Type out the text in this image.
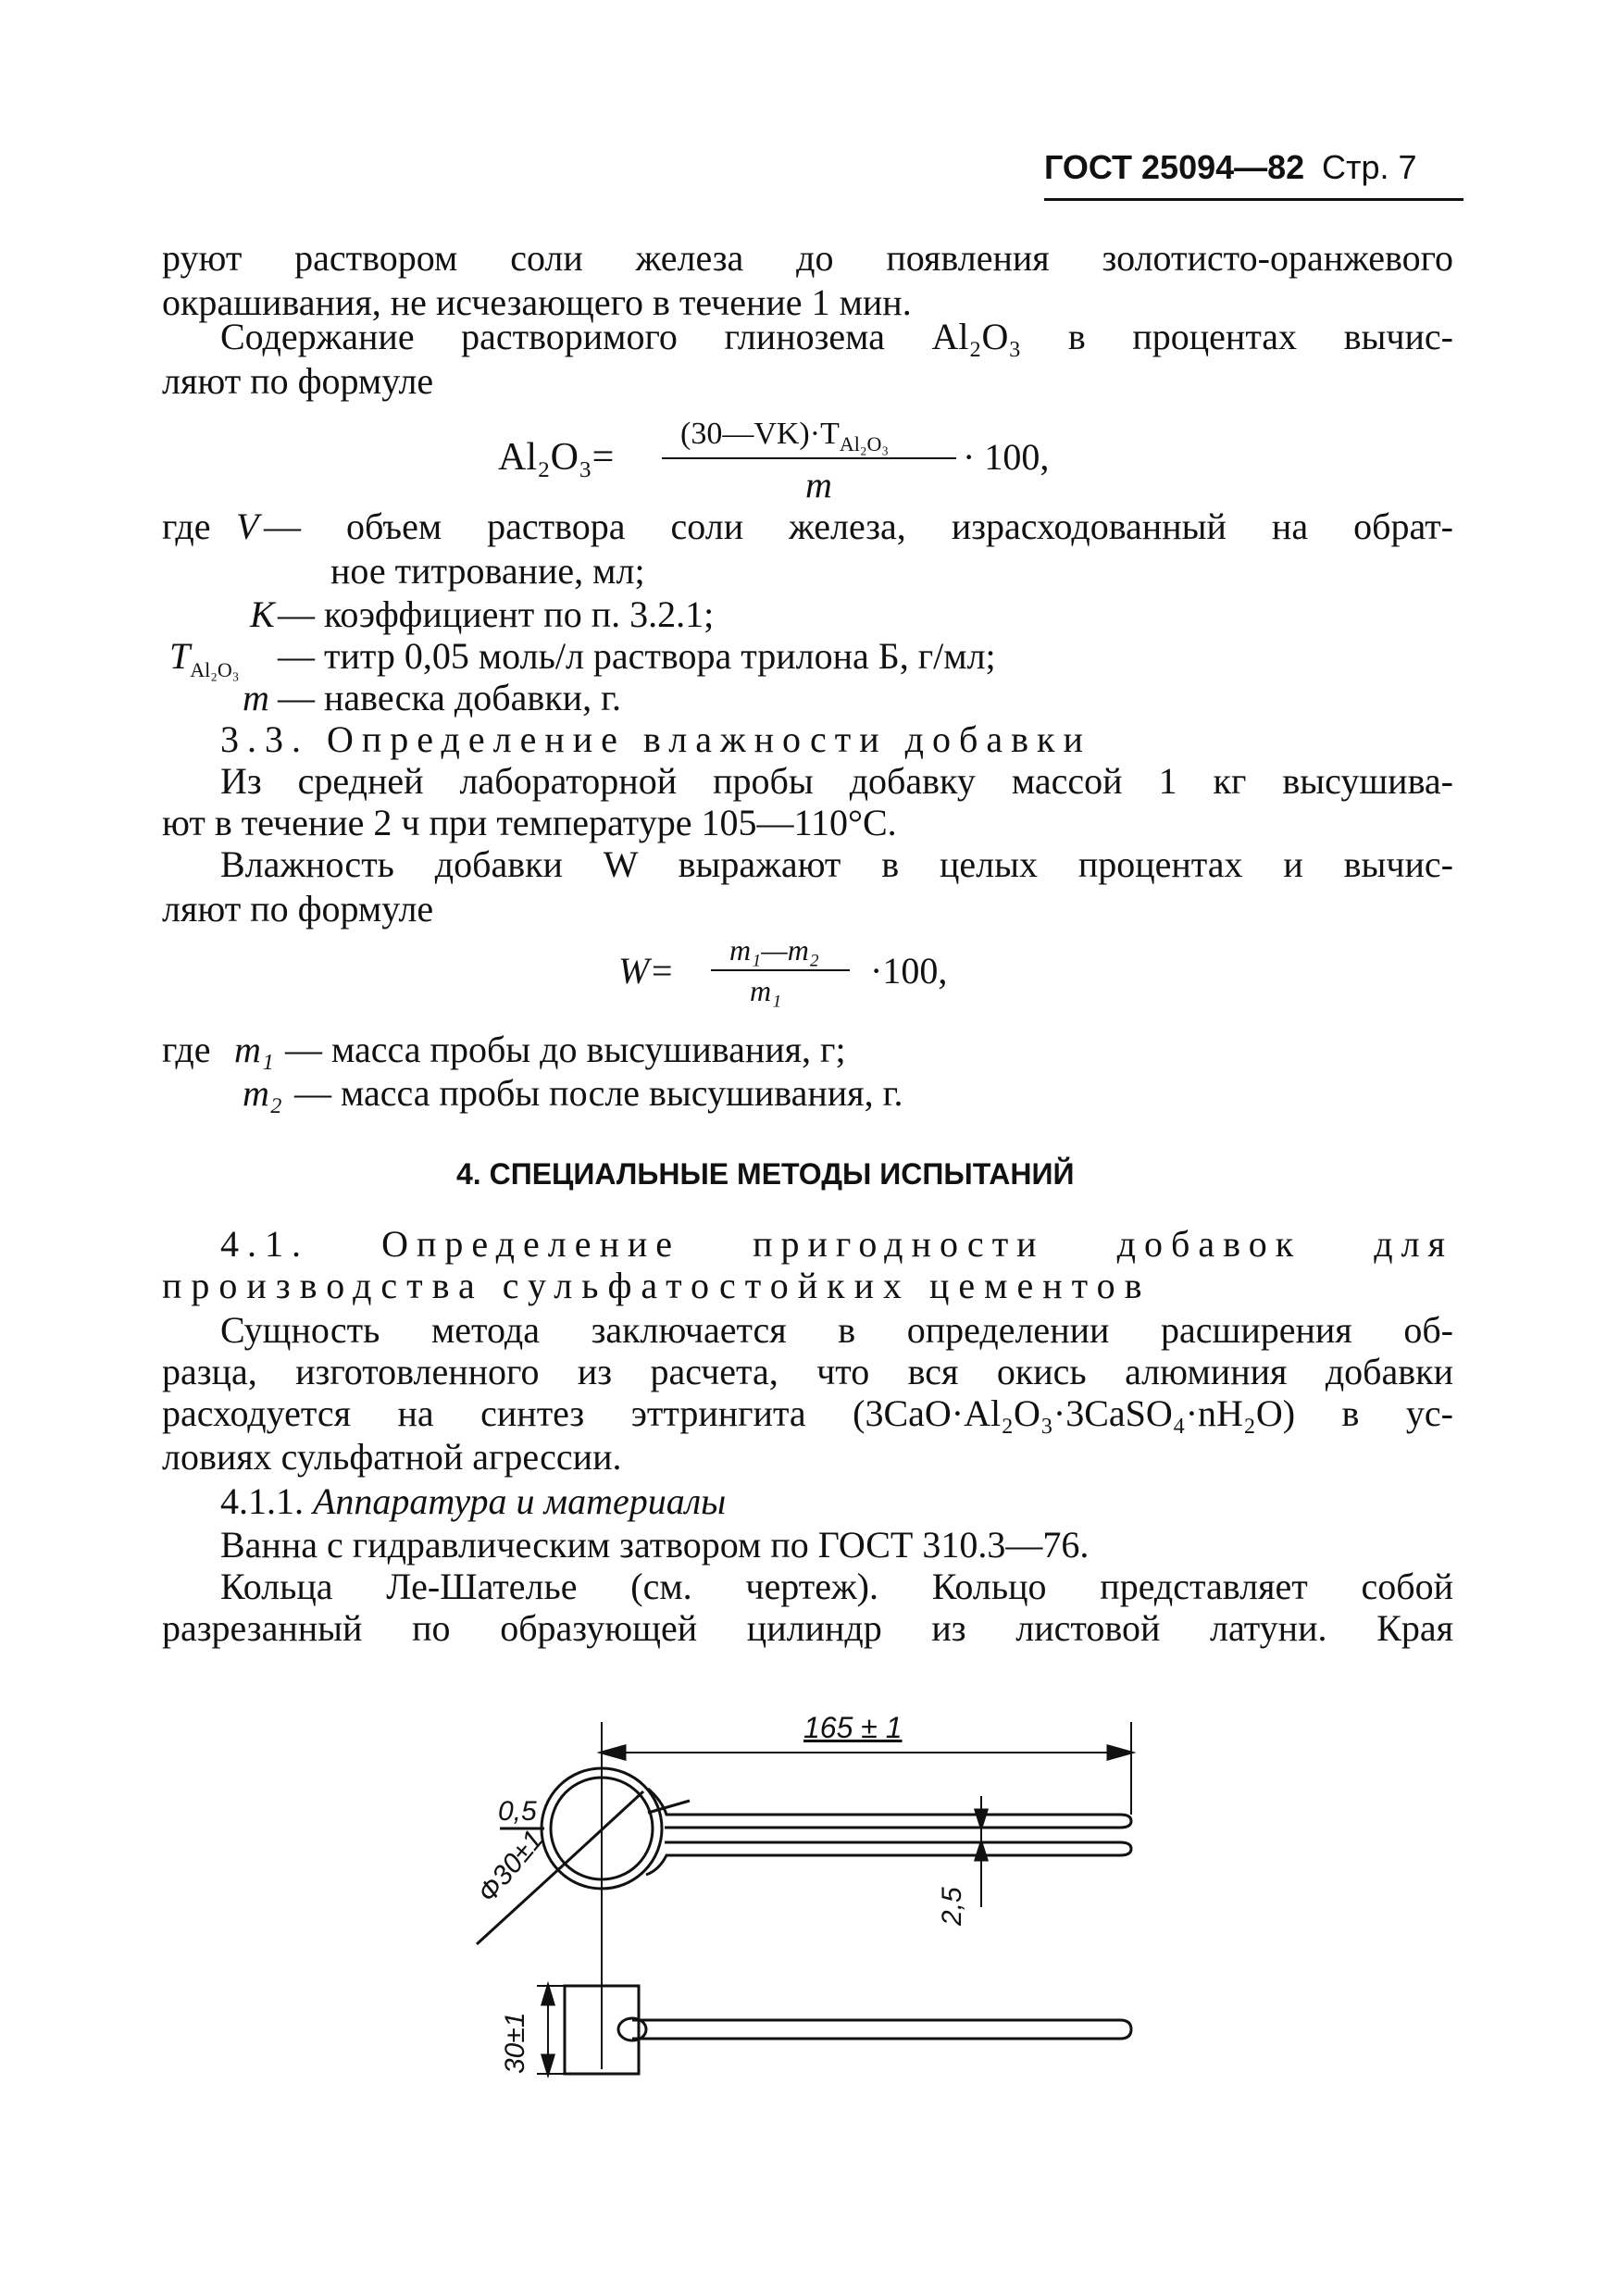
ГОСТ 25094—82 Стр. 7
руют раствором соли железа до появления золотисто-оранжевого
окрашивания, не исчезающего в течение 1 мин.
Содержание растворимого глинозема Al₂O₃ в процентах вычис-
ляют по формуле
Al₂O₃=
$(30—VK)\cdot T_{Al_2O_3}$
m
· 100,
где V — объем раствора соли железа, израсходованный на обрат-
ное титрование, мл;
K — коэффициент по п. 3.2.1;
$T_{Al_2O_3}$ — титр 0,05 моль/л раствора трилона Б, г/мл;
m — навеска добавки, г.
3.3. Определение влажности добавки
Из средней лабораторной пробы добавку массой 1 кг высушива-
ют в течение 2 ч при температуре 105—110°С.
Влажность добавки W выражают в целых процентах и вычис-
ляют по формуле
W= m₁—m₂
m₁ ·100,
где m₁ — масса пробы до высушивания, г;
m₂ — масса пробы после высушивания, г.
4. СПЕЦИАЛЬНЫЕ МЕТОДЫ ИСПЫТАНИЙ
4.1. Определение пригодности добавок для
производства сульфатостойких цементов
Сущность метода заключается в определении расширения об-
разца, изготовленного из расчета, что вся окись алюминия добавки
расходуется на синтез эттрингита (3CaO·Al₂O₃·3CaSO₄·nH₂O) в ус-
ловиях сульфатной агрессии.
4.1.1. Аппаратура и материалы
Ванна с гидравлическим затвором по ГОСТ 310.3—76.
Кольца Ле-Шателье (см. чертеж). Кольцо представляет собой
разрезанный по образующей цилиндр из листовой латуни. Края
165 ± 1
0,5
Ф30±1	2,5
30±1
